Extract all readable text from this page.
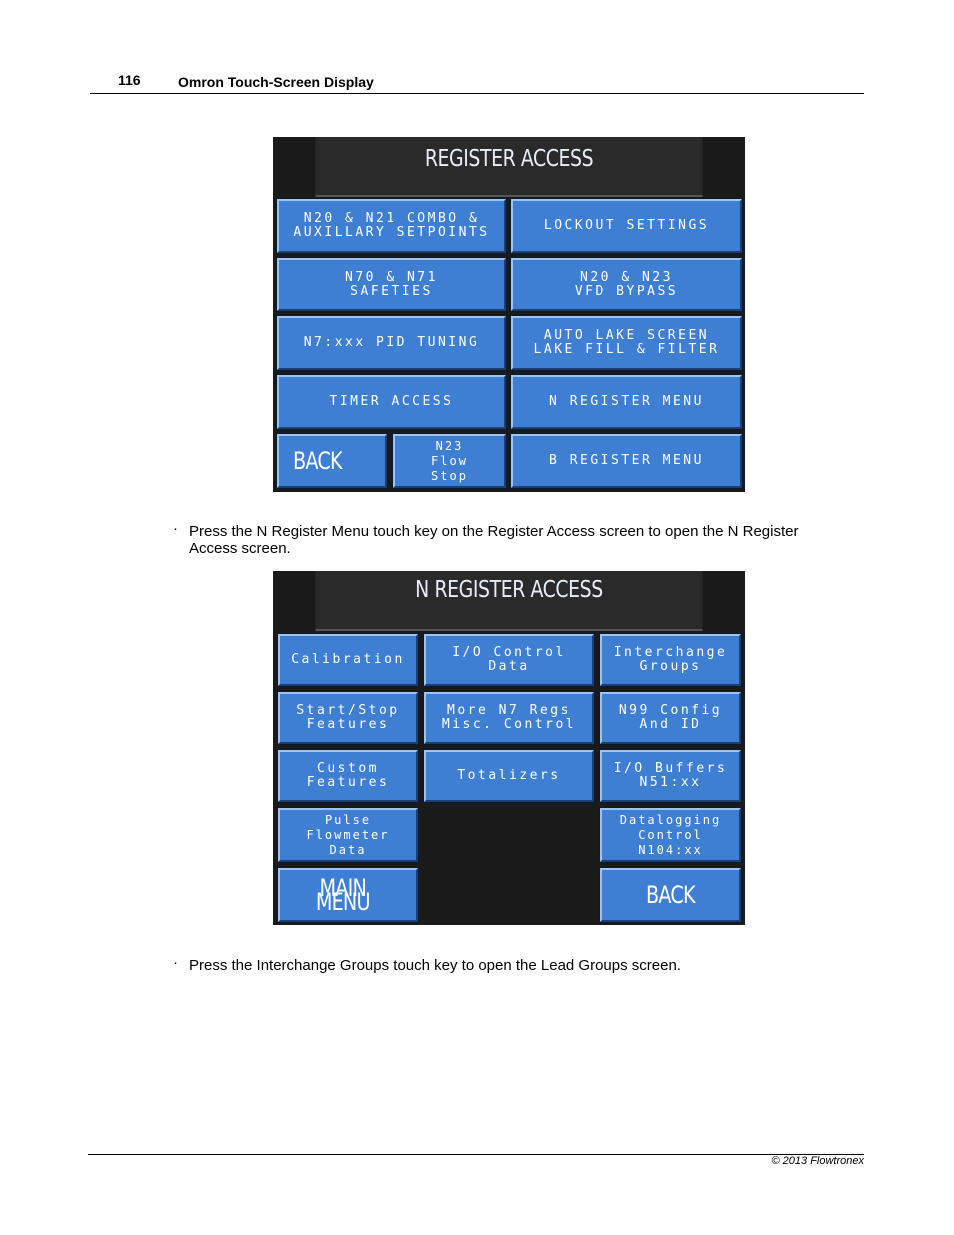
116	Omron Touch-Screen Display
REGISTER ACCESS
N20 & N21 COMBO &
AUXILLARY SETPOINTS	LOCKOUT SETTINGS
N70 & N71
SAFETIES
N20 & N23
VFD BYPASS
N7:xxx PID TUNING	AUTO LAKE SCREEN
LAKE FILL & FILTER
TIMER ACCESS	N REGISTER MENU
BACK
N23
Flow
Stop
B REGISTER MENU
· Press the N Register Menu touch key on the Register Access screen to open the N Register Access screen.
N REGISTER ACCESS
Calibration	I/O Control
Data
Interchange
Groups
Start/Stop
Features
More N7 Regs
Misc. Control
N99 Config
And ID
Custom
Features	Totalizers	I/O Buffers
N51:xx
Pulse
Flowmeter
Data
Datalogging
Control
N104:xx
MAIN MENU	BACK
· Press the Interchange Groups touch key to open the Lead Groups screen.
© 2013 Flowtronex
